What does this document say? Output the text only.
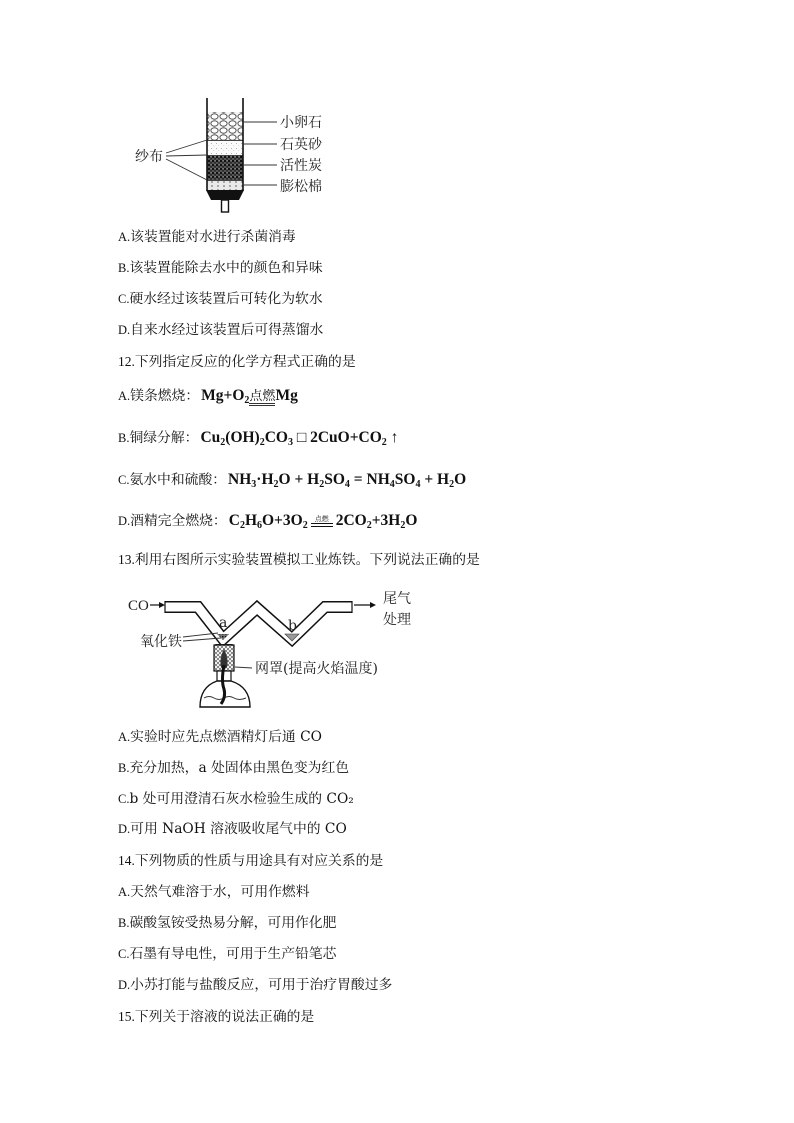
小卵石
石英砂
活性炭
膨松棉
纱布
A.该装置能对水进行杀菌消毒
B.该装置能除去水中的颜色和异味
C.硬水经过该装置后可转化为软水
D.自来水经过该装置后可得蒸馏水
12.下列指定反应的化学方程式正确的是
A.镁条燃烧： $Mg+O_2$点燃Mg
B.铜绿分解： $Cu_2(OH)_2CO_3$ □ $2CuO+CO_2$ ↑
C.氨水中和硫酸： $NH_3\cdot H_2O + H_2SO_4 = NH_4SO_4 + H_2O$
D.酒精完全燃烧： $C_2H_6O+3O_2$
点燃 $2CO_2+3H_2O$
13.利用右图所示实验装置模拟工业炼铁。下列说法正确的是
CO
a	b
尾气
处理
氧化铁
网罩(提高火焰温度)
A.实验时应先点燃酒精灯后通 CO
B.充分加热，a 处固体由黑色变为红色
C.b 处可用澄清石灰水检验生成的 CO₂
D.可用 NaOH 溶液吸收尾气中的 CO
14.下列物质的性质与用途具有对应关系的是
A.天然气难溶于水，可用作燃料
B.碳酸氢铵受热易分解，可用作化肥
C.石墨有导电性，可用于生产铅笔芯
D.小苏打能与盐酸反应，可用于治疗胃酸过多
15.下列关于溶液的说法正确的是
